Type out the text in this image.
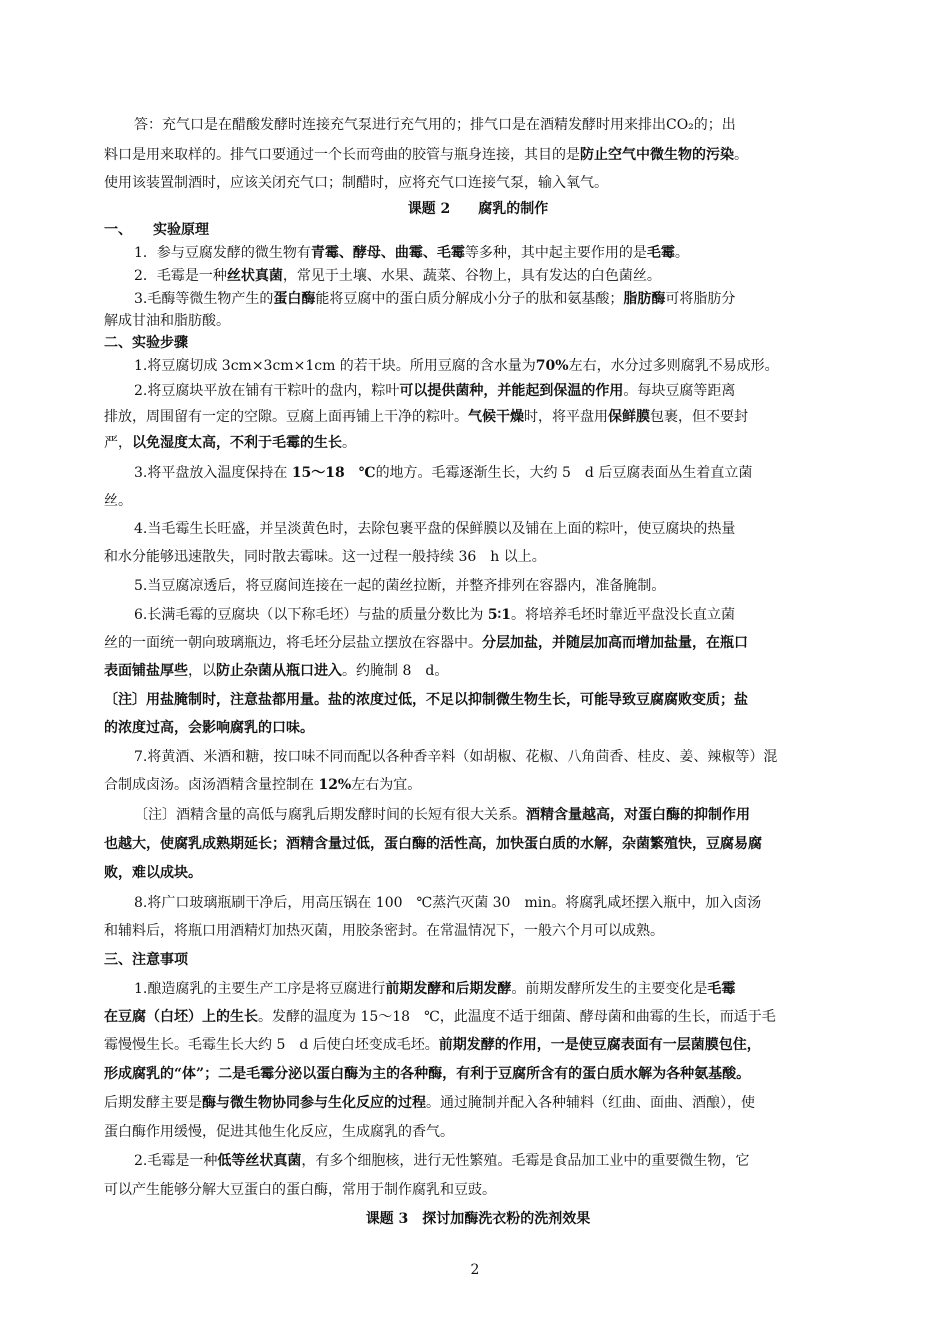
答：充气口是在醋酸发酵时连接充气泵进行充气用的；排气口是在酒精发酵时用来排出CO₂的；出
料口是用来取样的。排气口要通过一个长而弯曲的胶管与瓶身连接，其目的是防止空气中微生物的污染。
使用该装置制酒时，应该关闭充气口；制醋时，应将充气口连接气泵，输入氧气。
课题 2　　腐乳的制作
一、　　实验原理
1．参与豆腐发酵的微生物有青霉、酵母、曲霉、毛霉等多种，其中起主要作用的是毛霉。
2．毛霉是一种丝状真菌，常见于土壤、水果、蔬菜、谷物上，具有发达的白色菌丝。
3.毛酶等微生物产生的蛋白酶能将豆腐中的蛋白质分解成小分子的肽和氨基酸；脂肪酶可将脂肪分
解成甘油和脂肪酸。
二、实验步骤
1.将豆腐切成 3cm×3cm×1cm 的若干块。所用豆腐的含水量为70%左右，水分过多则腐乳不易成形。
2.将豆腐块平放在铺有干粽叶的盘内，粽叶可以提供菌种，并能起到保温的作用。每块豆腐等距离
排放，周围留有一定的空隙。豆腐上面再铺上干净的粽叶。气候干燥时，将平盘用保鲜膜包裹，但不要封
严，以免湿度太高，不利于毛霉的生长。
3.将平盘放入温度保持在 15～18　℃的地方。毛霉逐渐生长，大约 5　d 后豆腐表面丛生着直立菌
丝。
4.当毛霉生长旺盛，并呈淡黄色时，去除包裹平盘的保鲜膜以及铺在上面的粽叶，使豆腐块的热量
和水分能够迅速散失，同时散去霉味。这一过程一般持续 36　h 以上。
5.当豆腐凉透后，将豆腐间连接在一起的菌丝拉断，并整齐排列在容器内，准备腌制。
6.长满毛霉的豆腐块（以下称毛坯）与盐的质量分数比为 5∶1。将培养毛坯时靠近平盘没长直立菌
丝的一面统一朝向玻璃瓶边，将毛坯分层盐立摆放在容器中。分层加盐，并随层加高而增加盐量，在瓶口
表面铺盐厚些，以防止杂菌从瓶口进入。约腌制 8　d。
〔注〕用盐腌制时，注意盐都用量。盐的浓度过低，不足以抑制微生物生长，可能导致豆腐腐败变质；盐
的浓度过高，会影响腐乳的口味。
7.将黄酒、米酒和糖，按口味不同而配以各种香辛料（如胡椒、花椒、八角茴香、桂皮、姜、辣椒等）混
合制成卤汤。卤汤酒精含量控制在 12%左右为宜。
〔注〕酒精含量的高低与腐乳后期发酵时间的长短有很大关系。酒精含量越高，对蛋白酶的抑制作用
也越大，使腐乳成熟期延长；酒精含量过低，蛋白酶的活性高，加快蛋白质的水解，杂菌繁殖快，豆腐易腐
败，难以成块。
8.将广口玻璃瓶刷干净后，用高压锅在 100　℃蒸汽灭菌 30　min。将腐乳咸坯摆入瓶中，加入卤汤
和辅料后，将瓶口用酒精灯加热灭菌，用胶条密封。在常温情况下，一般六个月可以成熟。
三、注意事项
1.酿造腐乳的主要生产工序是将豆腐进行前期发酵和后期发酵。前期发酵所发生的主要变化是毛霉
在豆腐（白坯）上的生长。发酵的温度为 15～18　℃，此温度不适于细菌、酵母菌和曲霉的生长，而适于毛
霉慢慢生长。毛霉生长大约 5　d 后使白坯变成毛坯。前期发酵的作用，一是使豆腐表面有一层菌膜包住，
形成腐乳的“体”；二是毛霉分泌以蛋白酶为主的各种酶，有利于豆腐所含有的蛋白质水解为各种氨基酸。
后期发酵主要是酶与微生物协同参与生化反应的过程。通过腌制并配入各种辅料（红曲、面曲、酒酿），使
蛋白酶作用缓慢，促进其他生化反应，生成腐乳的香气。
2.毛霉是一种低等丝状真菌，有多个细胞核，进行无性繁殖。毛霉是食品加工业中的重要微生物，它
可以产生能够分解大豆蛋白的蛋白酶，常用于制作腐乳和豆豉。
课题 3　探讨加酶洗衣粉的洗剂效果
2
